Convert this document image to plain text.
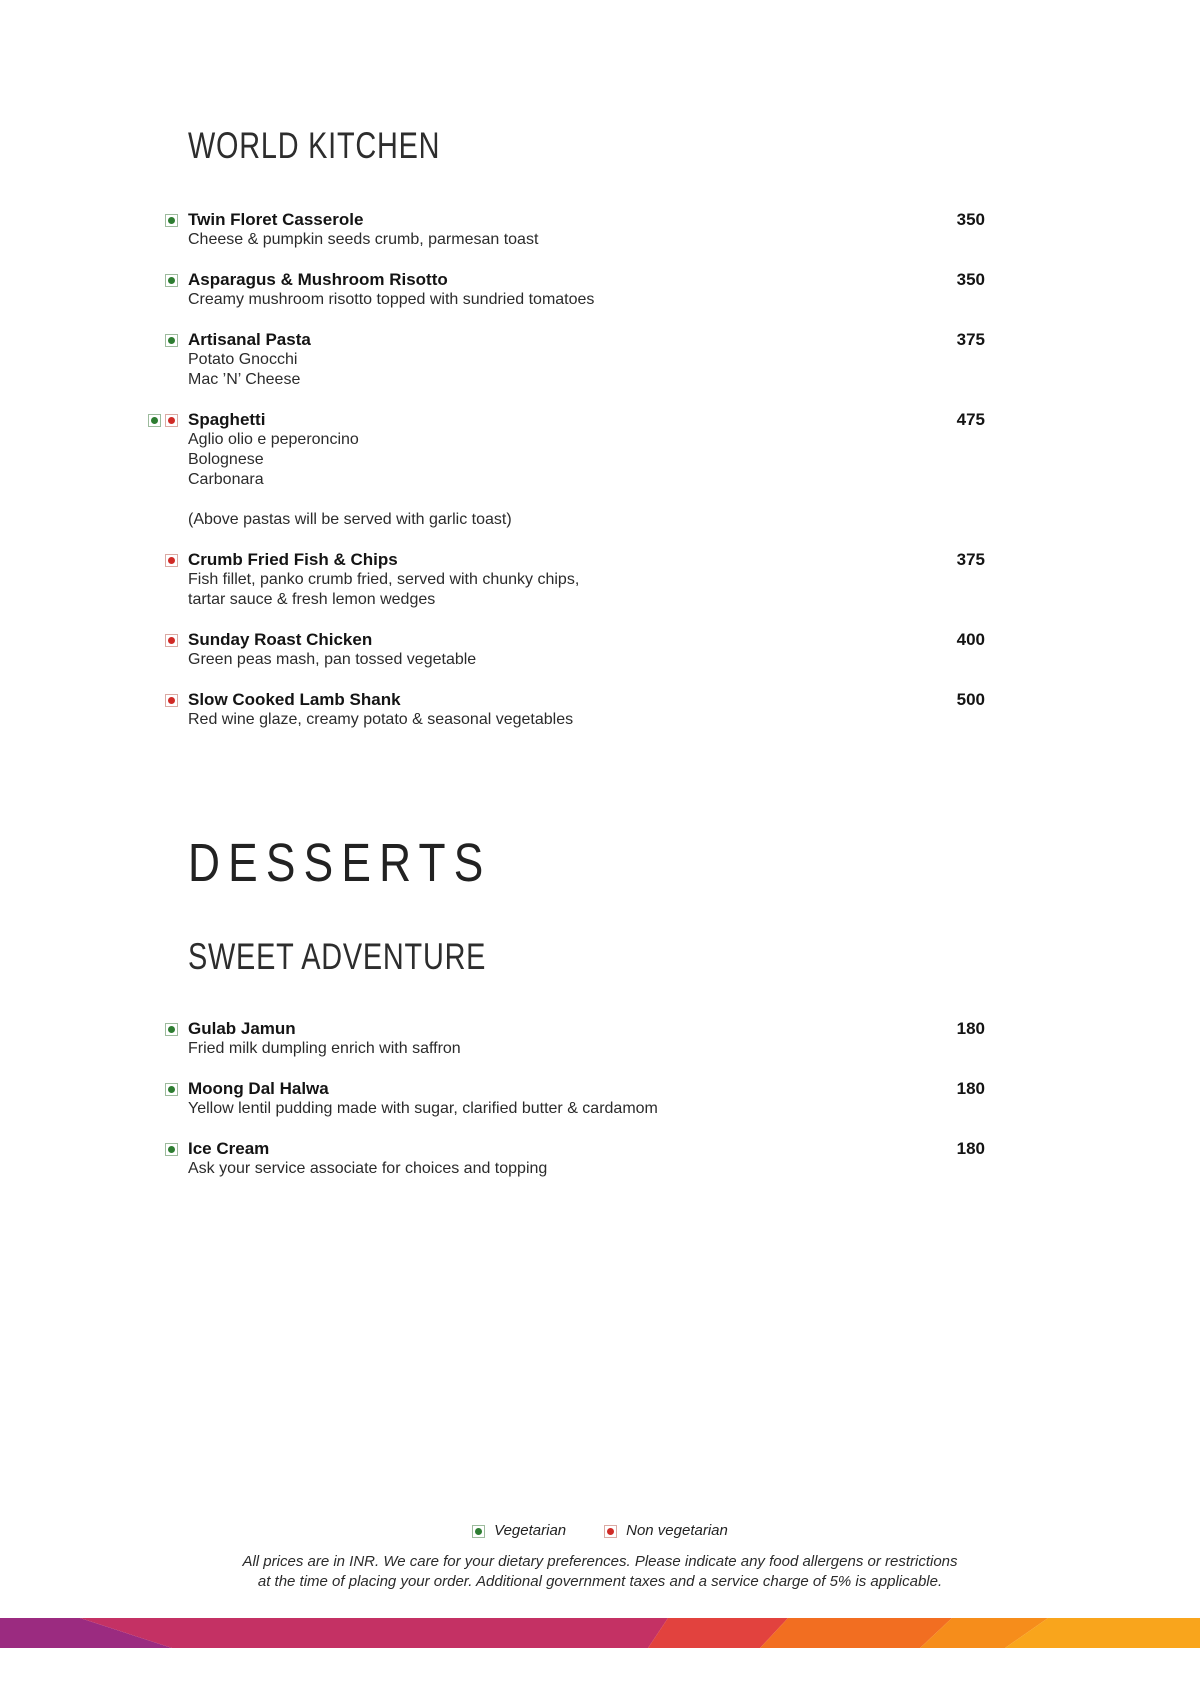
WORLD KITCHEN
Twin Floret Casserole
Cheese & pumpkin seeds crumb, parmesan toast
350
Asparagus & Mushroom Risotto
Creamy mushroom risotto topped with sundried tomatoes
350
Artisanal Pasta
Potato Gnocchi
Mac ’N’ Cheese
375
Spaghetti
Aglio olio e peperoncino
Bolognese
Carbonara
475
(Above pastas will be served with garlic toast)
Crumb Fried Fish & Chips
Fish fillet, panko crumb fried, served with chunky chips,
tartar sauce & fresh lemon wedges
375
Sunday Roast Chicken
Green peas mash, pan tossed vegetable
400
Slow Cooked Lamb Shank
Red wine glaze, creamy potato & seasonal vegetables
500
DESSERTS
SWEET ADVENTURE
Gulab Jamun
Fried milk dumpling enrich with saffron
180
Moong Dal Halwa
Yellow lentil pudding made with sugar, clarified butter & cardamom
180
Ice Cream
Ask your service associate for choices and topping
180
Vegetarian	Non vegetarian
All prices are in INR. We care for your dietary preferences. Please indicate any food allergens or restrictions
at the time of placing your order. Additional government taxes and a service charge of 5% is applicable.
